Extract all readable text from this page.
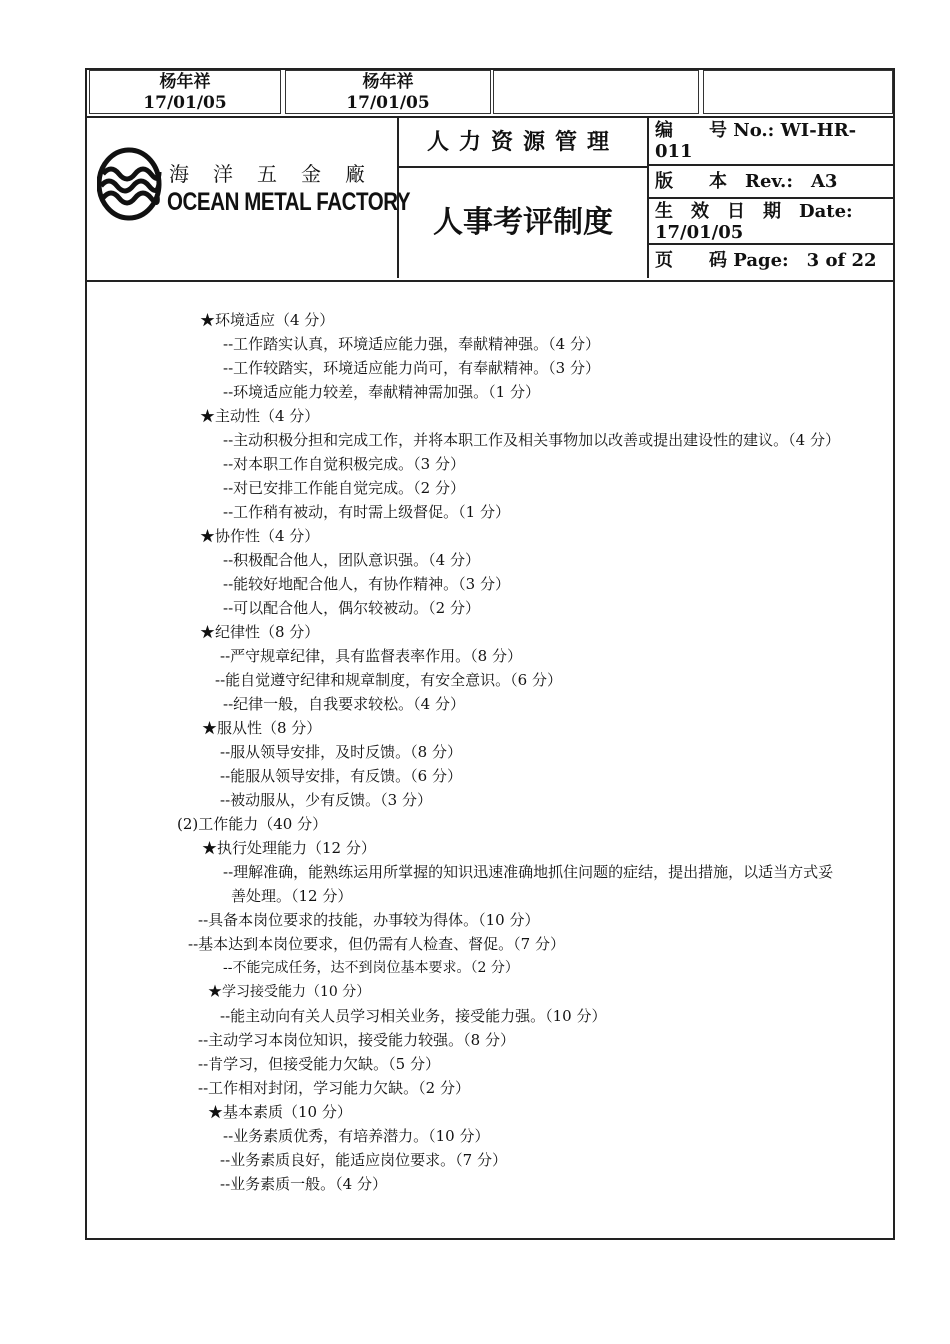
杨年祥
17/01/05
杨年祥
17/01/05
海洋五金廠
OCEAN METAL FACTORY
人力资源管理
人事考评制度
编　　号 No.: WI-HR-011
版　　本　Rev.:　A3
生　效　日　期　Date: 17/01/05
页　　码 Page:　3 of 22
★环境适应（4 分）
--工作踏实认真，环境适应能力强，奉献精神强。（4 分）
--工作较踏实，环境适应能力尚可，有奉献精神。（3 分）
--环境适应能力较差，奉献精神需加强。（1 分）
★主动性（4 分）
--主动积极分担和完成工作，并将本职工作及相关事物加以改善或提出建设性的建议。（4 分）
--对本职工作自觉积极完成。（3 分）
--对已安排工作能自觉完成。（2 分）
--工作稍有被动，有时需上级督促。（1 分）
★协作性（4 分）
--积极配合他人，团队意识强。（4 分）
--能较好地配合他人，有协作精神。（3 分）
--可以配合他人，偶尔较被动。（2 分）
★纪律性（8 分）
--严守规章纪律，具有监督表率作用。（8 分）
--能自觉遵守纪律和规章制度，有安全意识。（6 分）
--纪律一般，自我要求较松。（4 分）
★服从性（8 分）
--服从领导安排，及时反馈。（8 分）
--能服从领导安排，有反馈。（6 分）
--被动服从，少有反馈。（3 分）
(2)工作能力（40 分）
★执行处理能力（12 分）
--理解准确，能熟练运用所掌握的知识迅速准确地抓住问题的症结，提出措施，以适当方式妥
善处理。（12 分）
--具备本岗位要求的技能，办事较为得体。（10 分）
--基本达到本岗位要求，但仍需有人检查、督促。（7 分）
--不能完成任务，达不到岗位基本要求。（2 分）
★学习接受能力（10 分）
--能主动向有关人员学习相关业务，接受能力强。（10 分）
--主动学习本岗位知识，接受能力较强。（8 分）
--肯学习，但接受能力欠缺。（5 分）
--工作相对封闭，学习能力欠缺。（2 分）
★基本素质（10 分）
--业务素质优秀，有培养潜力。（10 分）
--业务素质良好，能适应岗位要求。（7 分）
--业务素质一般。（4 分）
